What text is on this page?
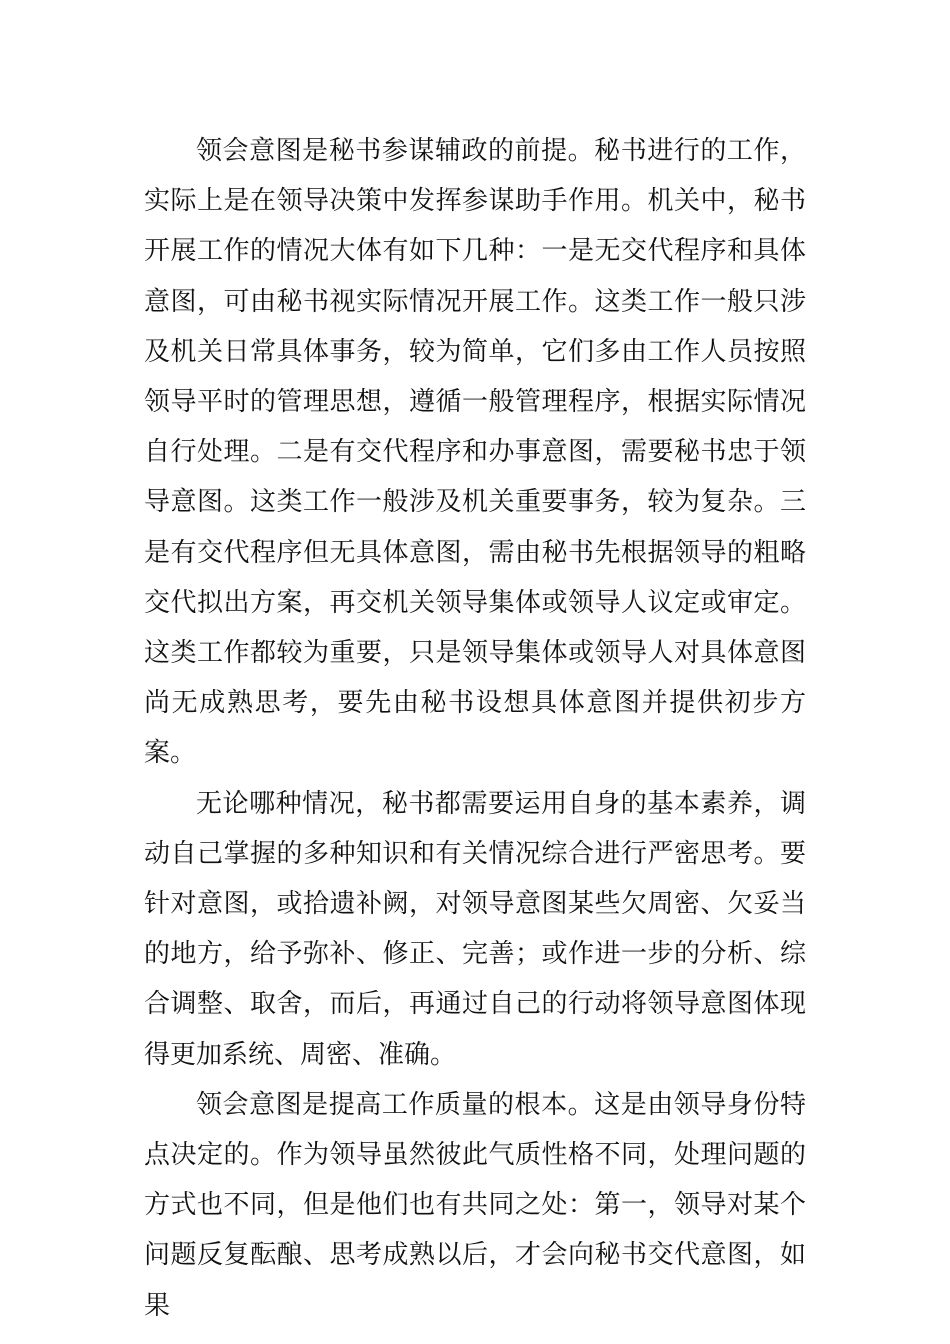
领会意图是秘书参谋辅政的前提。秘书进行的工作，实际上是在领导决策中发挥参谋助手作用。机关中，秘书开展工作的情况大体有如下几种：一是无交代程序和具体意图，可由秘书视实际情况开展工作。这类工作一般只涉及机关日常具体事务，较为简单，它们多由工作人员按照领导平时的管理思想，遵循一般管理程序，根据实际情况自行处理。二是有交代程序和办事意图，需要秘书忠于领导意图。这类工作一般涉及机关重要事务，较为复杂。三是有交代程序但无具体意图，需由秘书先根据领导的粗略交代拟出方案，再交机关领导集体或领导人议定或审定。这类工作都较为重要，只是领导集体或领导人对具体意图尚无成熟思考，要先由秘书设想具体意图并提供初步方案。

无论哪种情况，秘书都需要运用自身的基本素养，调动自己掌握的多种知识和有关情况综合进行严密思考。要针对意图，或拾遗补阙，对领导意图某些欠周密、欠妥当的地方，给予弥补、修正、完善；或作进一步的分析、综合调整、取舍，而后，再通过自己的行动将领导意图体现得更加系统、周密、准确。

领会意图是提高工作质量的根本。这是由领导身份特点决定的。作为领导虽然彼此气质性格不同，处理问题的方式也不同，但是他们也有共同之处：第一，领导对某个问题反复酝酿、思考成熟以后，才会向秘书交代意图，如果
